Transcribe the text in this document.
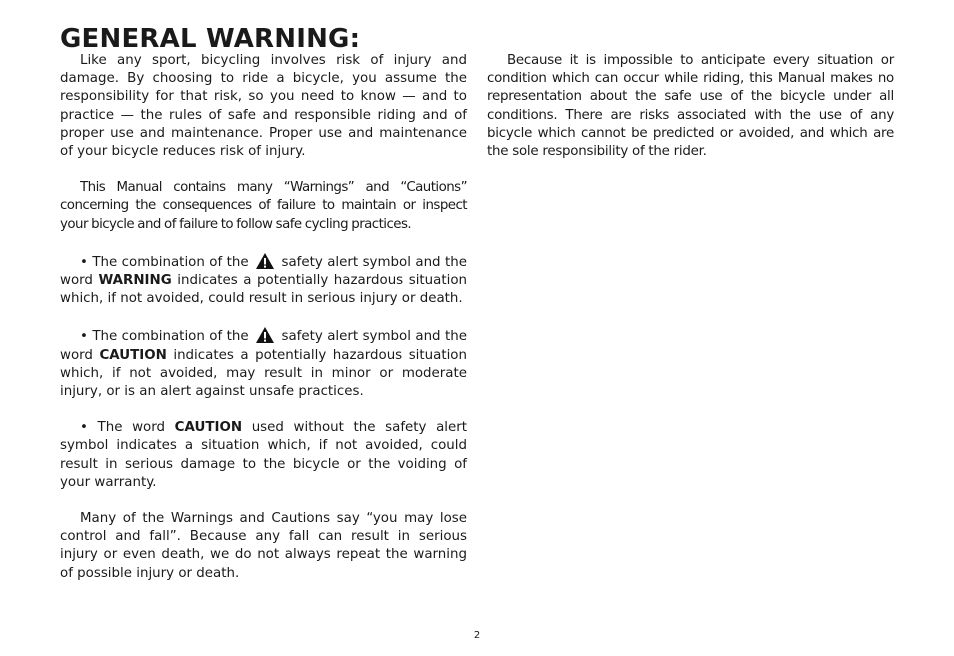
GENERAL WARNING:

Like any sport, bicycling involves risk of injury and damage. By choosing to ride a bicycle, you assume the responsibility for that risk, so you need to know — and to practice — the rules of safe and responsible riding and of proper use and maintenance. Proper use and maintenance of your bicycle reduces risk of injury.

This Manual contains many “Warnings” and “Cautions” concerning the consequences of failure to maintain or inspect your bicycle and of failure to follow safe cycling practices.

• The combination of the safety alert symbol and the word WARNING indicates a potentially hazardous situation which, if not avoided, could result in serious injury or death.

• The combination of the safety alert symbol and the word CAUTION indicates a potentially hazardous situation which, if not avoided, may result in minor or moderate injury, or is an alert against unsafe practices.

• The word CAUTION used without the safety alert symbol indicates a situation which, if not avoided, could result in serious damage to the bicycle or the voiding of your warranty.

Many of the Warnings and Cautions say “you may lose control and fall”. Because any fall can result in serious injury or even death, we do not always repeat the warning of possible injury or death.

Because it is impossible to anticipate every situation or condition which can occur while riding, this Manual makes no representation about the safe use of the bicycle under all conditions. There are risks associated with the use of any bicycle which cannot be predicted or avoided, and which are the sole responsibility of the rider.

2
